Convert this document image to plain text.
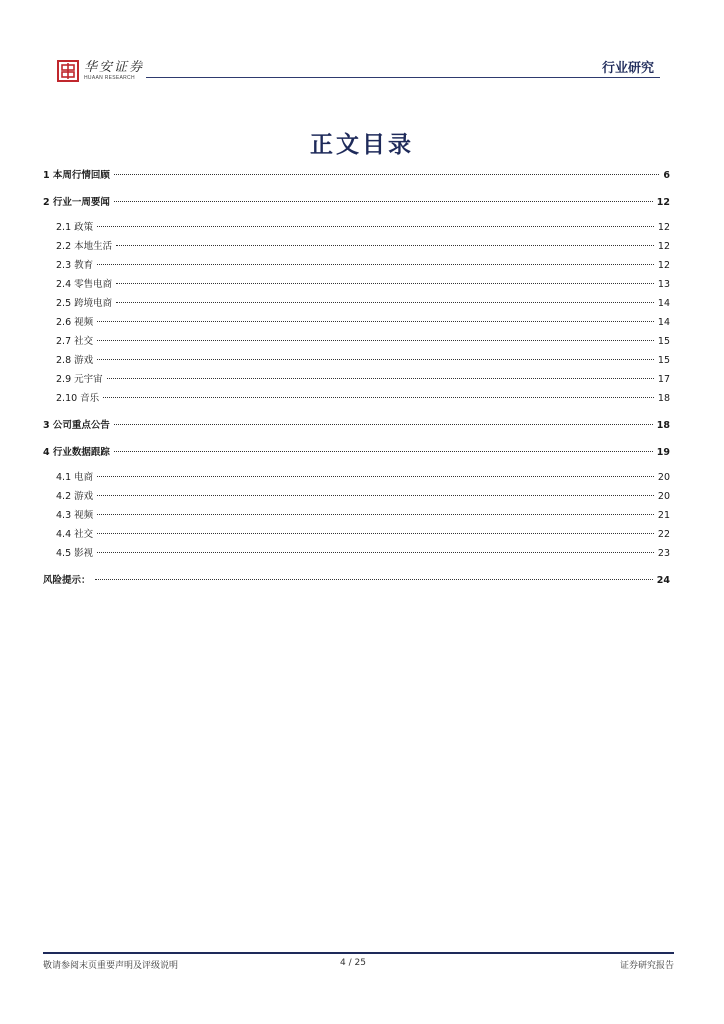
华安证券
HUAAN RESEARCH
行业研究
正文目录
1 本周行情回顾	6
2 行业一周要闻	12
2.1 政策	12
2.2 本地生活	12
2.3 教育	12
2.4 零售电商	13
2.5 跨境电商	14
2.6 视频	14
2.7 社交	15
2.8 游戏	15
2.9 元宇宙	17
2.10 音乐	18
3 公司重点公告	18
4 行业数据跟踪	19
4.1 电商	20
4.2 游戏	20
4.3 视频	21
4.4 社交	22
4.5 影视	23
风险提示：	24
敬请参阅末页重要声明及评级说明	4 / 25	证券研究报告
